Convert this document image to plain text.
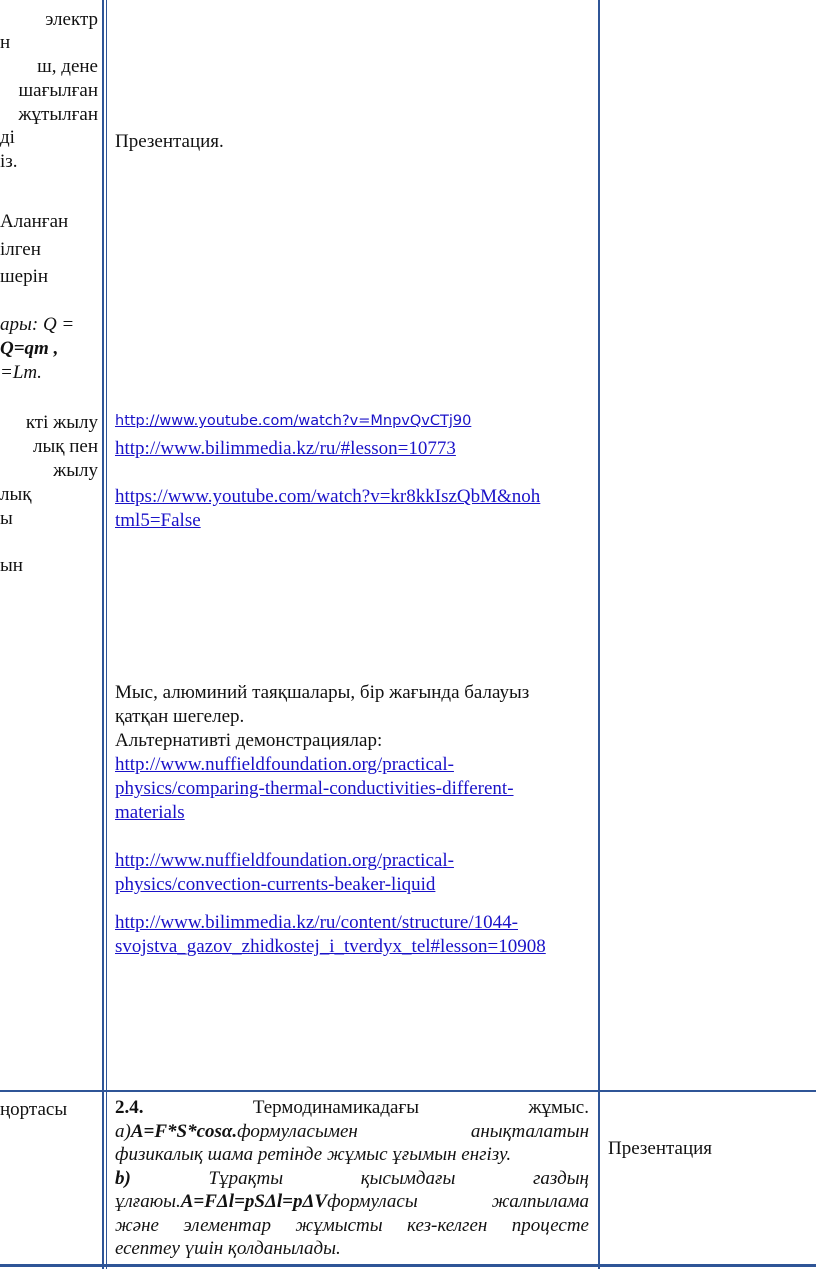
электр
н
ш, дене
шағылған
жұтылған
ді
із.
Аланған
ілген
шерін
ары: Q =
Q=qm ,
=Lm.
кті жылу
лық пен
жылу
лық
ы
ын
Презентация.
http://www.youtube.com/watch?v=MnpvQvCTj90
http://www.bilimmedia.kz/ru/#lesson=10773
https://www.youtube.com/watch?v=kr8kkIszQbM&noh
tml5=False
Мыс, алюминий таяқшалары, бір жағында балауыз
қатқан шегелер.
Альтернативті демонстрациялар:
http://www.nuffieldfoundation.org/practical-
physics/comparing-thermal-conductivities-different-
materials
http://www.nuffieldfoundation.org/practical-
physics/convection-currents-beaker-liquid
http://www.bilimmedia.kz/ru/content/structure/1044-
svojstva_gazov_zhidkostej_i_tverdyx_tel#lesson=10908
ңортасы	2.4. Термодинамикадағы жұмыс.
a)A=F*S*cosα.формуласымен анықталатын
физикалық шама ретінде жұмыс ұғымын енгізу.
b)	Тұрақты қысымдағы газдың
ұлғаюы.A=FΔl=pSΔl=pΔVформуласы жалпылама
және элементар жұмысты кез-келген процесте
есептеу үшін қолданылады.
Презентация
